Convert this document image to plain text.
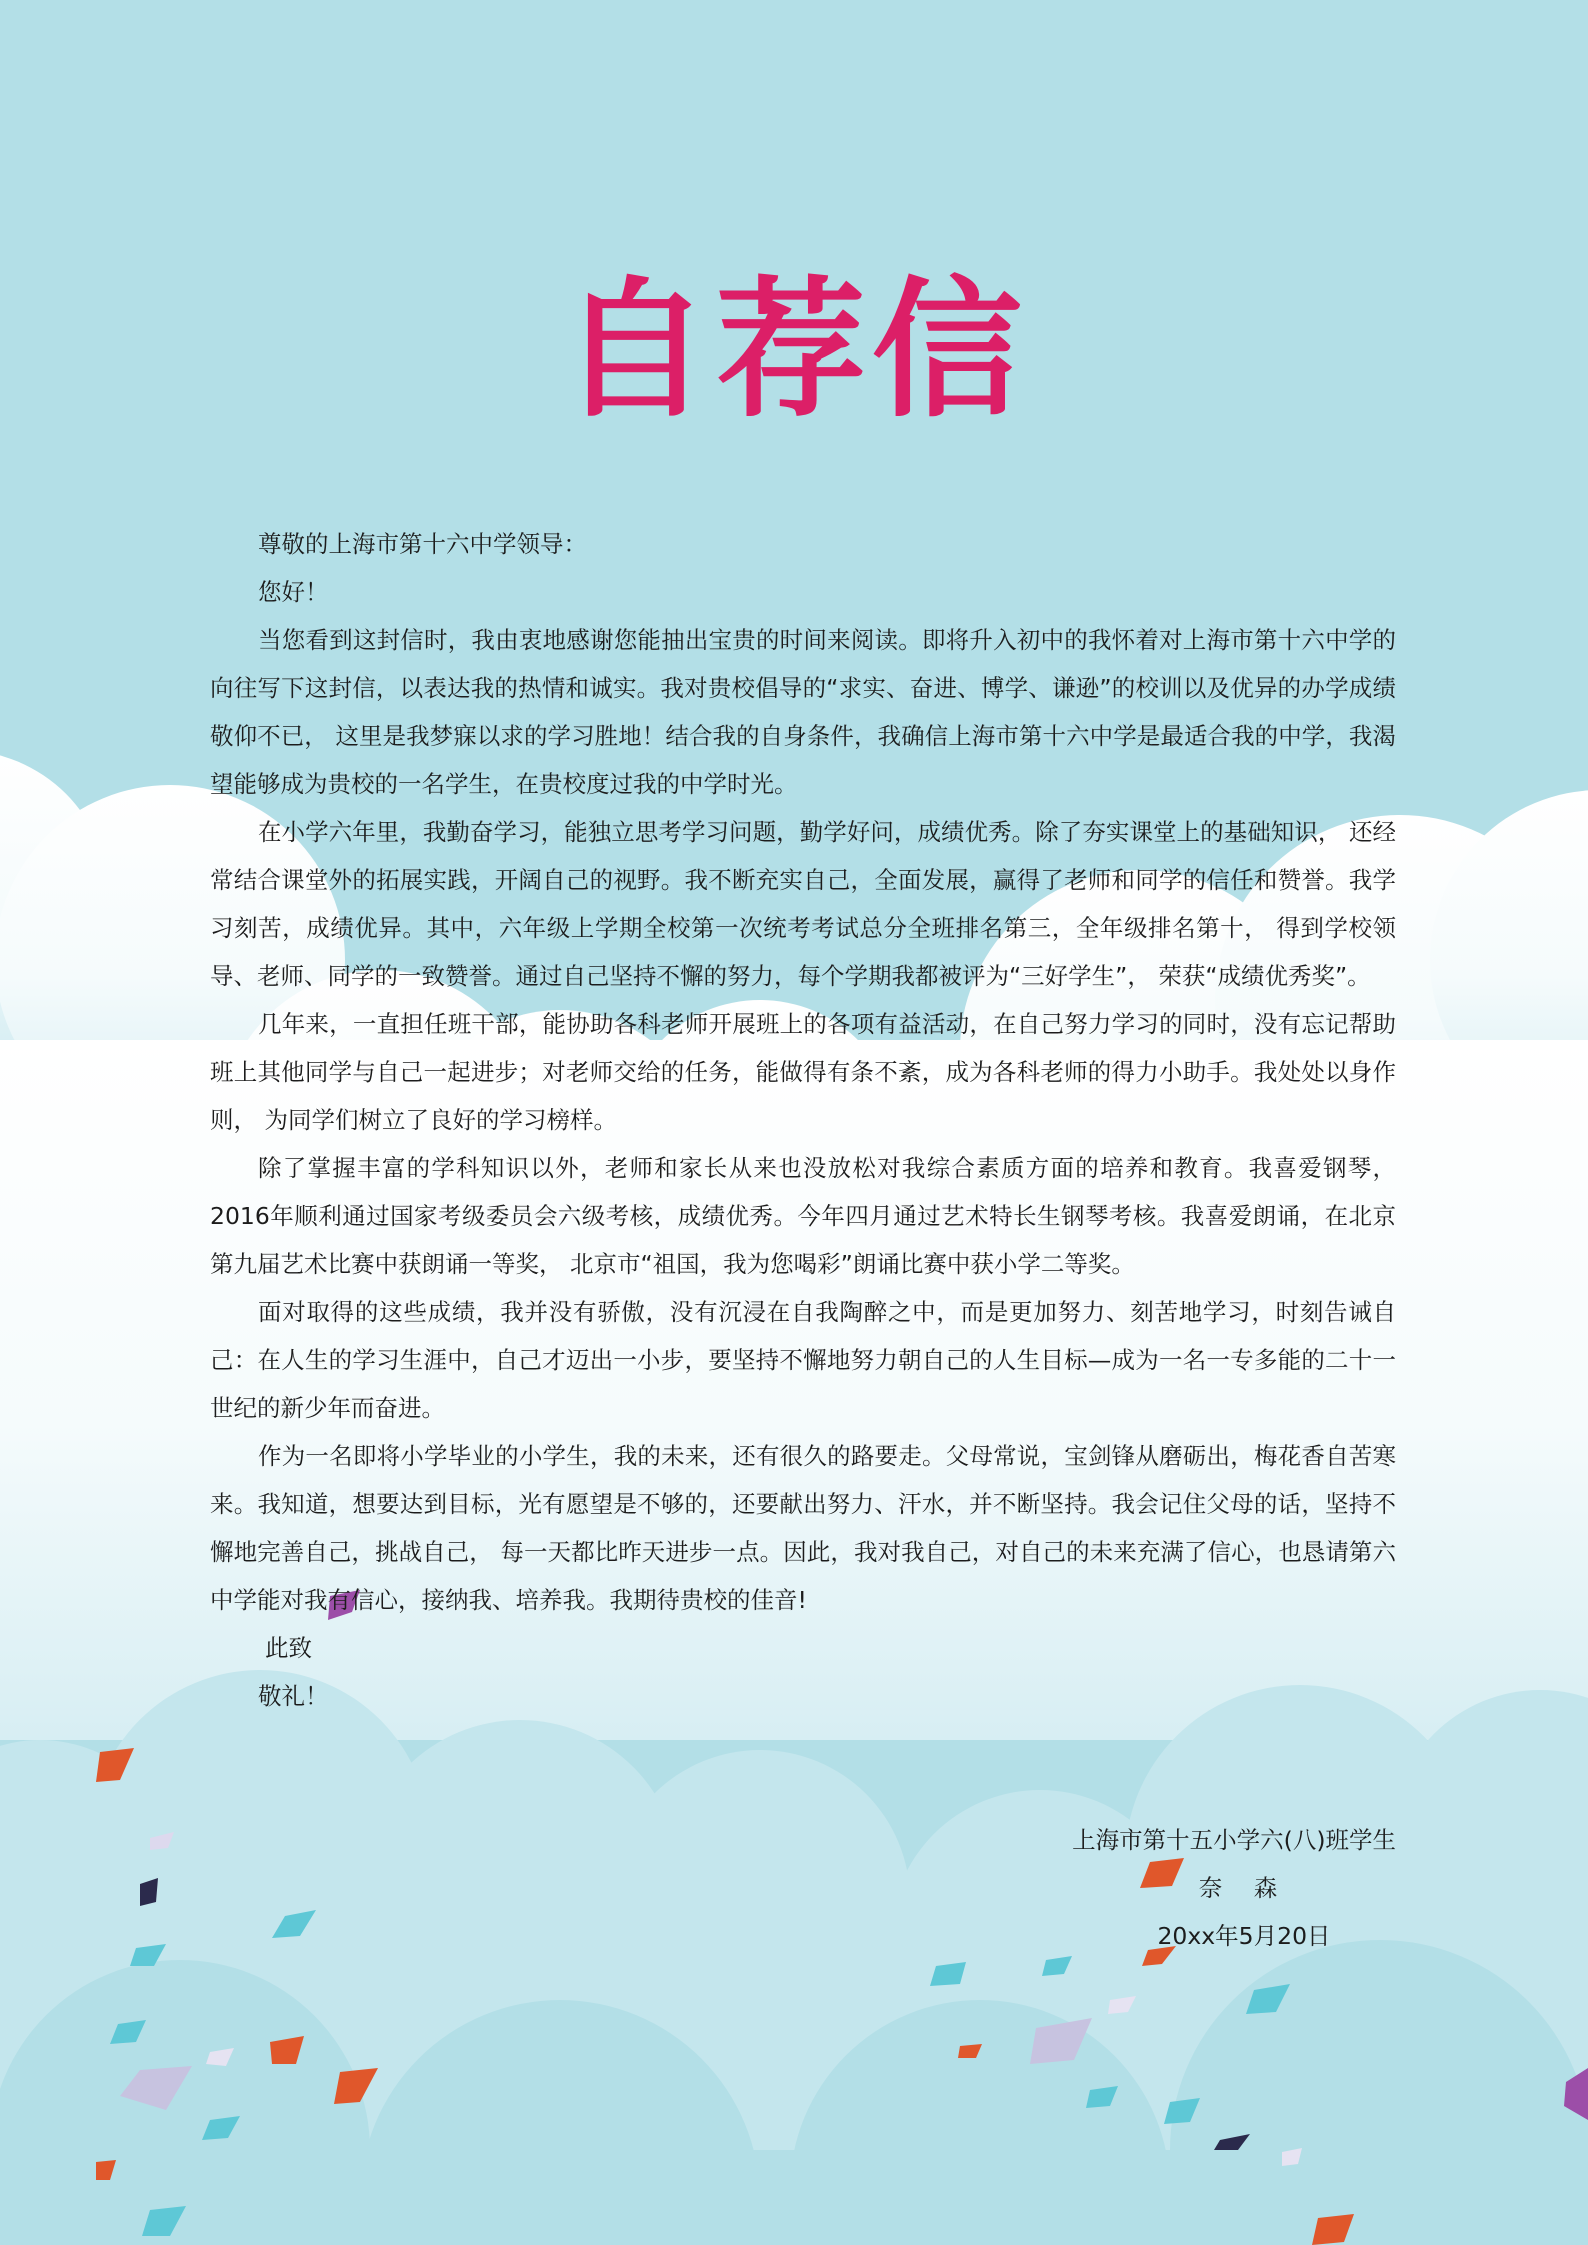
自荐信

尊敬的上海市第十六中学领导：

您好！

当您看到这封信时，我由衷地感谢您能抽出宝贵的时间来阅读。即将升入初中的我怀着对上海市第十六中学的向往写下这封信，以表达我的热情和诚实。我对贵校倡导的“求实、奋进、博学、谦逊”的校训以及优异的办学成绩敬仰不已， 这里是我梦寐以求的学习胜地！结合我的自身条件，我确信上海市第十六中学是最适合我的中学，我渴望能够成为贵校的一名学生，在贵校度过我的中学时光。

在小学六年里，我勤奋学习，能独立思考学习问题，勤学好问，成绩优秀。除了夯实课堂上的基础知识， 还经常结合课堂外的拓展实践，开阔自己的视野。我不断充实自己，全面发展，赢得了老师和同学的信任和赞誉。我学习刻苦，成绩优异。其中，六年级上学期全校第一次统考考试总分全班排名第三，全年级排名第十， 得到学校领导、老师、同学的一致赞誉。通过自己坚持不懈的努力，每个学期我都被评为“三好学生”， 荣获“成绩优秀奖”。

几年来，一直担任班干部，能协助各科老师开展班上的各项有益活动，在自己努力学习的同时，没有忘记帮助班上其他同学与自己一起进步；对老师交给的任务，能做得有条不紊，成为各科老师的得力小助手。我处处以身作则， 为同学们树立了良好的学习榜样。

除了掌握丰富的学科知识以外，老师和家长从来也没放松对我综合素质方面的培养和教育。我喜爱钢琴，2016年顺利通过国家考级委员会六级考核，成绩优秀。今年四月通过艺术特长生钢琴考核。我喜爱朗诵，在北京第九届艺术比赛中获朗诵一等奖， 北京市“祖国，我为您喝彩”朗诵比赛中获小学二等奖。

面对取得的这些成绩，我并没有骄傲，没有沉浸在自我陶醉之中，而是更加努力、刻苦地学习，时刻告诫自己：在人生的学习生涯中，自己才迈出一小步，要坚持不懈地努力朝自己的人生目标—成为一名一专多能的二十一世纪的新少年而奋进。

作为一名即将小学毕业的小学生，我的未来，还有很久的路要走。父母常说，宝剑锋从磨砺出，梅花香自苦寒来。我知道，想要达到目标，光有愿望是不够的，还要献出努力、汗水，并不断坚持。我会记住父母的话，坚持不懈地完善自己，挑战自己， 每一天都比昨天进步一点。因此，我对我自己，对自己的未来充满了信心，也恳请第六中学能对我有信心，接纳我、培养我。我期待贵校的佳音!

此致

敬礼！

上海市第十五小学六(八)班学生
奈 森
20xx年5月20日
